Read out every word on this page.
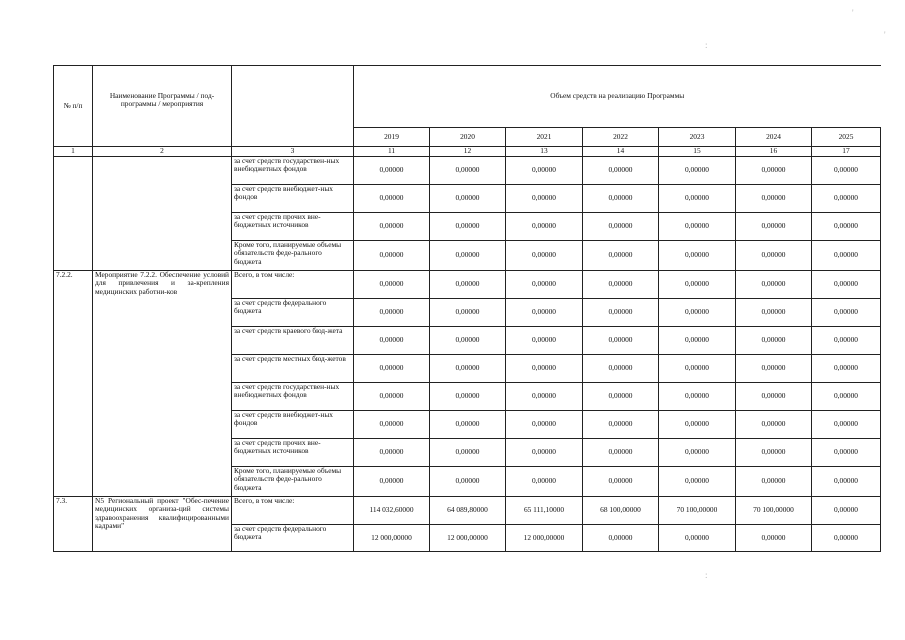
'
'
:
:
№ п/п	Наименование Программы / под-программы / мероприятия		Объем средств на реализацию Программы						
			2019	2020	2021	2022	2023	2024	2025
1	2	3	11	12	13	14	15	16	17
		за счет средств государствен-ных внебюджетных фондов	0,00000	0,00000	0,00000	0,00000	0,00000	0,00000	0,00000
		за счет средств внебюджет-ных фондов	0,00000	0,00000	0,00000	0,00000	0,00000	0,00000	0,00000
		за счет средств прочих вне-бюджетных источников	0,00000	0,00000	0,00000	0,00000	0,00000	0,00000	0,00000
		Кроме того, планируемые объемы обязательств феде-рального бюджета	0,00000	0,00000	0,00000	0,00000	0,00000	0,00000	0,00000
7.2.2.	Мероприятие 7.2.2. Обеспечение условий для привлечения и за-крепления медицинских работни-ков	Всего, в том числе:	0,00000	0,00000	0,00000	0,00000	0,00000	0,00000	0,00000
		за счет средств федерального бюджета	0,00000	0,00000	0,00000	0,00000	0,00000	0,00000	0,00000
		за счет средств краевого бюд-жета	0,00000	0,00000	0,00000	0,00000	0,00000	0,00000	0,00000
		за счет средств местных бюд-жетов	0,00000	0,00000	0,00000	0,00000	0,00000	0,00000	0,00000
		за счет средств государствен-ных внебюджетных фондов	0,00000	0,00000	0,00000	0,00000	0,00000	0,00000	0,00000
		за счет средств внебюджет-ных фондов	0,00000	0,00000	0,00000	0,00000	0,00000	0,00000	0,00000
		за счет средств прочих вне-бюджетных источников	0,00000	0,00000	0,00000	0,00000	0,00000	0,00000	0,00000
		Кроме того, планируемые объемы обязательств феде-рального бюджета	0,00000	0,00000	0,00000	0,00000	0,00000	0,00000	0,00000
7.3.	N5 Региональный проект "Обес-печение медицинских организа-ций системы здравоохранения квалифицированными кадрами"	Всего, в том числе:	114 032,60000	64 089,80000	65 111,10000	68 100,00000	70 100,00000	70 100,00000	0,00000
		за счет средств федерального бюджета	12 000,00000	12 000,00000	12 000,00000	0,00000	0,00000	0,00000	0,00000
